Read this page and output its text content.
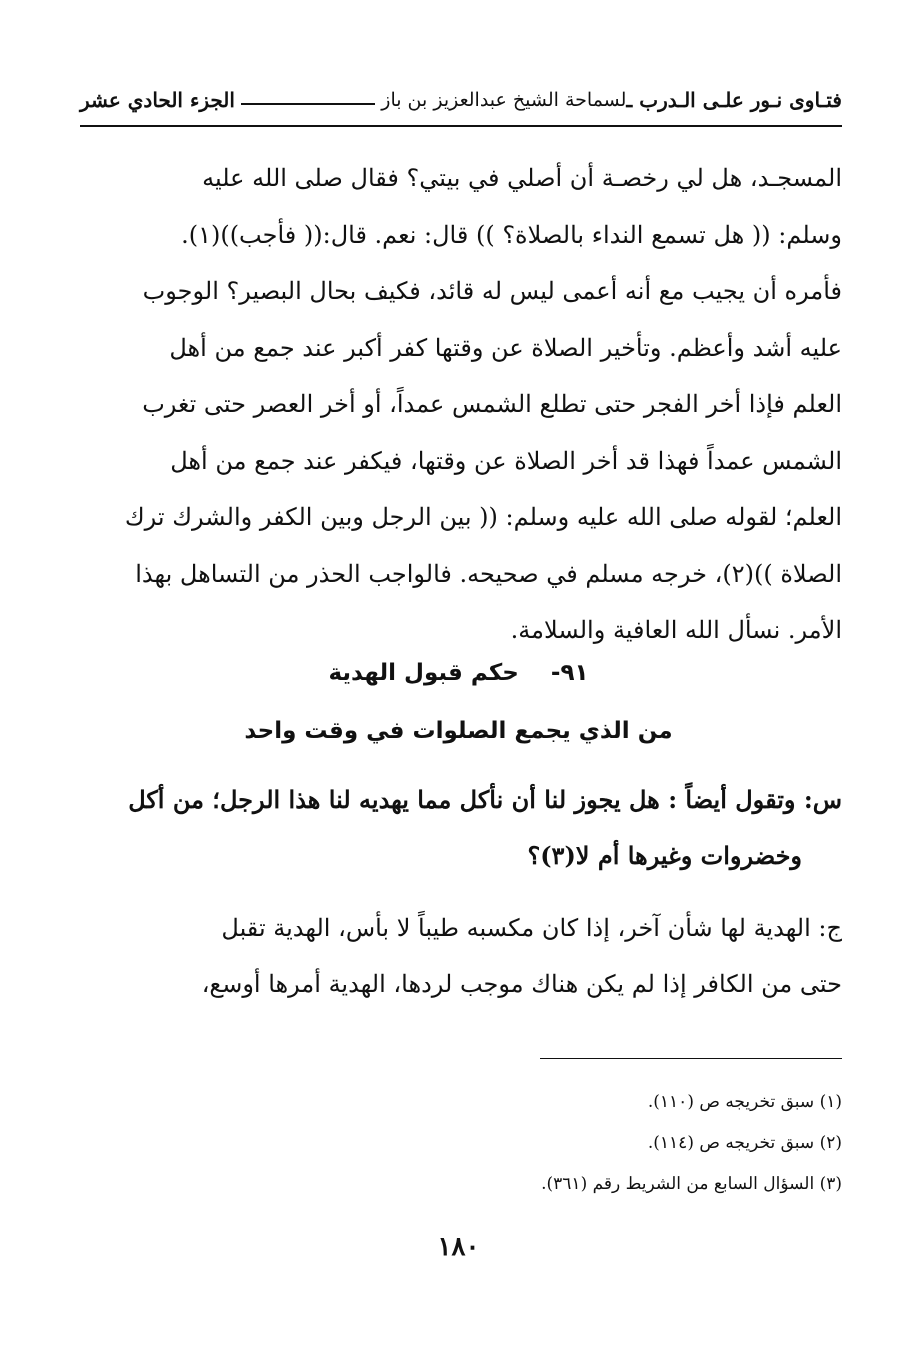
فتـاوى نـور علـى الـدرب ـ
لسماحة الشيخ عبدالعزيز بن باز
الجزء الحادي عشر

المسجـد، هل لي رخصـة أن أصلي في بيتي؟ فقال صلى الله عليه

وسلم: (( هل تسمع النداء بالصلاة؟ )) قال: نعم. قال:(( فأجب))(١).

فأمره أن يجيب مع أنه أعمى ليس له قائد، فكيف بحال البصير؟ الوجوب

عليه أشد وأعظم. وتأخير الصلاة عن وقتها كفر أكبر عند جمع من أهل

العلم فإذا أخر الفجر حتى تطلع الشمس عمداً، أو أخر العصر حتى تغرب

الشمس عمداً فهذا قد أخر الصلاة عن وقتها، فيكفر عند جمع من أهل

العلم؛ لقوله صلى الله عليه وسلم: (( بين الرجل وبين الكفر والشرك ترك

الصلاة ))(٢)، خرجه مسلم في صحيحه. فالواجب الحذر من التساهل بهذا

الأمر. نسأل الله العافية والسلامة.

٩١-    حكم قبول الهدية
من الذي يجمع الصلوات في وقت واحد
س: وتقول أيضاً : هل يجوز لنا أن نأكل مما يهديه لنا هذا الرجل؛ من أكل
وخضروات وغيرها أم لا(٣)؟
ج: الهدية لها شأن آخر، إذا كان مكسبه طيباً لا بأس، الهدية تقبل
حتى من الكافر إذا لم يكن هناك موجب لردها، الهدية أمرها أوسع،
(١) سبق تخريجه ص (١١٠).
(٢) سبق تخريجه ص (١١٤).
(٣) السؤال السابع من الشريط رقم (٣٦١).
١٨٠
